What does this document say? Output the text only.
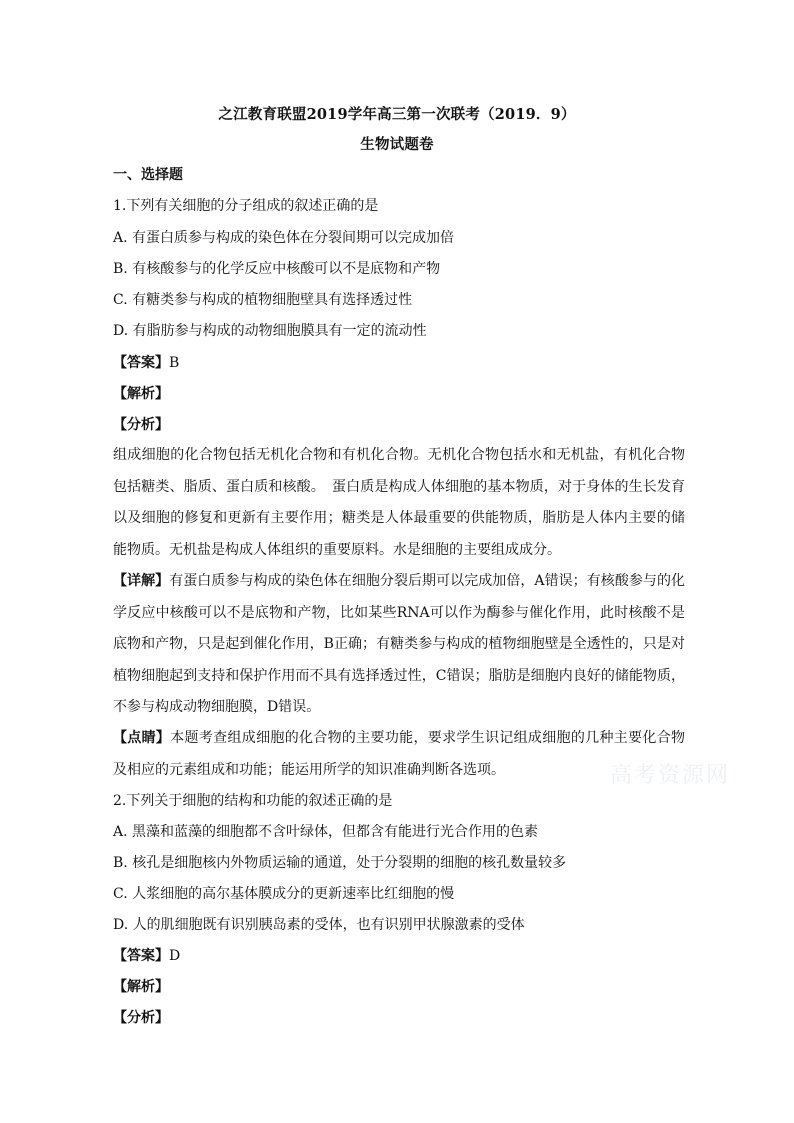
之江教育联盟2019学年高三第一次联考（2019．9）
生物试题卷
一、选择题
1.下列有关细胞的分子组成的叙述正确的是
A. 有蛋白质参与构成的染色体在分裂间期可以完成加倍
B. 有核酸参与的化学反应中核酸可以不是底物和产物
C. 有糖类参与构成的植物细胞壁具有选择透过性
D. 有脂肪参与构成的动物细胞膜具有一定的流动性
【答案】B
【解析】
【分析】
组成细胞的化合物包括无机化合物和有机化合物。无机化合物包括水和无机盐，有机化合物包括糖类、脂质、蛋白质和核酸。　蛋白质是构成人体细胞的基本物质，对于身体的生长发育以及细胞的修复和更新有主要作用；糖类是人体最重要的供能物质，脂肪是人体内主要的储能物质。无机盐是构成人体组织的重要原料。水是细胞的主要组成成分。
【详解】有蛋白质参与构成的染色体在细胞分裂后期可以完成加倍，A错误；有核酸参与的化学反应中核酸可以不是底物和产物，比如某些RNA可以作为酶参与催化作用，此时核酸不是底物和产物，只是起到催化作用，B正确；有糖类参与构成的植物细胞壁是全透性的，只是对植物细胞起到支持和保护作用而不具有选择透过性，C错误；脂肪是细胞内良好的储能物质，不参与构成动物细胞膜，D错误。
【点睛】本题考查组成细胞的化合物的主要功能，要求学生识记组成细胞的几种主要化合物及相应的元素组成和功能；能运用所学的知识准确判断各选项。	高考资源网
2.下列关于细胞的结构和功能的叙述正确的是
A. 黑藻和蓝藻的细胞都不含叶绿体，但都含有能进行光合作用的色素
B. 核孔是细胞核内外物质运输的通道，处于分裂期的细胞的核孔数量较多
C. 人浆细胞的高尔基体膜成分的更新速率比红细胞的慢
D. 人的肌细胞既有识别胰岛素的受体，也有识别甲状腺激素的受体
【答案】D
【解析】
【分析】
